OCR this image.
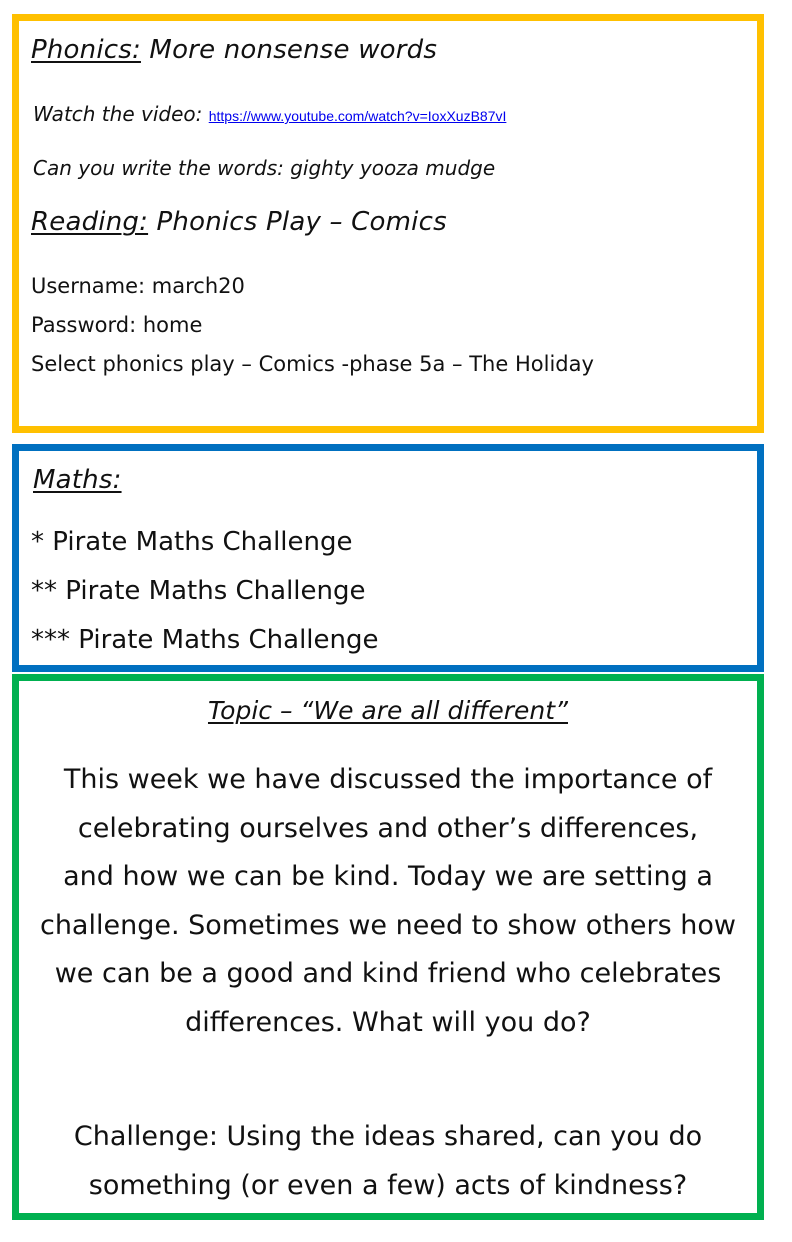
Phonics: More nonsense words
Watch the video: https://www.youtube.com/watch?v=IoxXuzB87vI
Can you write the words: gighty yooza mudge
Reading: Phonics Play – Comics
Username: march20
Password: home
Select phonics play – Comics -phase 5a – The Holiday
Maths:
* Pirate Maths Challenge
** Pirate Maths Challenge
*** Pirate Maths Challenge
Topic – “We are all different”
This week we have discussed the importance of
celebrating ourselves and other’s differences,
and how we can be kind. Today we are setting a
challenge. Sometimes we need to show others how
we can be a good and kind friend who celebrates
differences. What will you do?
Challenge: Using the ideas shared, can you do
something (or even a few) acts of kindness?
